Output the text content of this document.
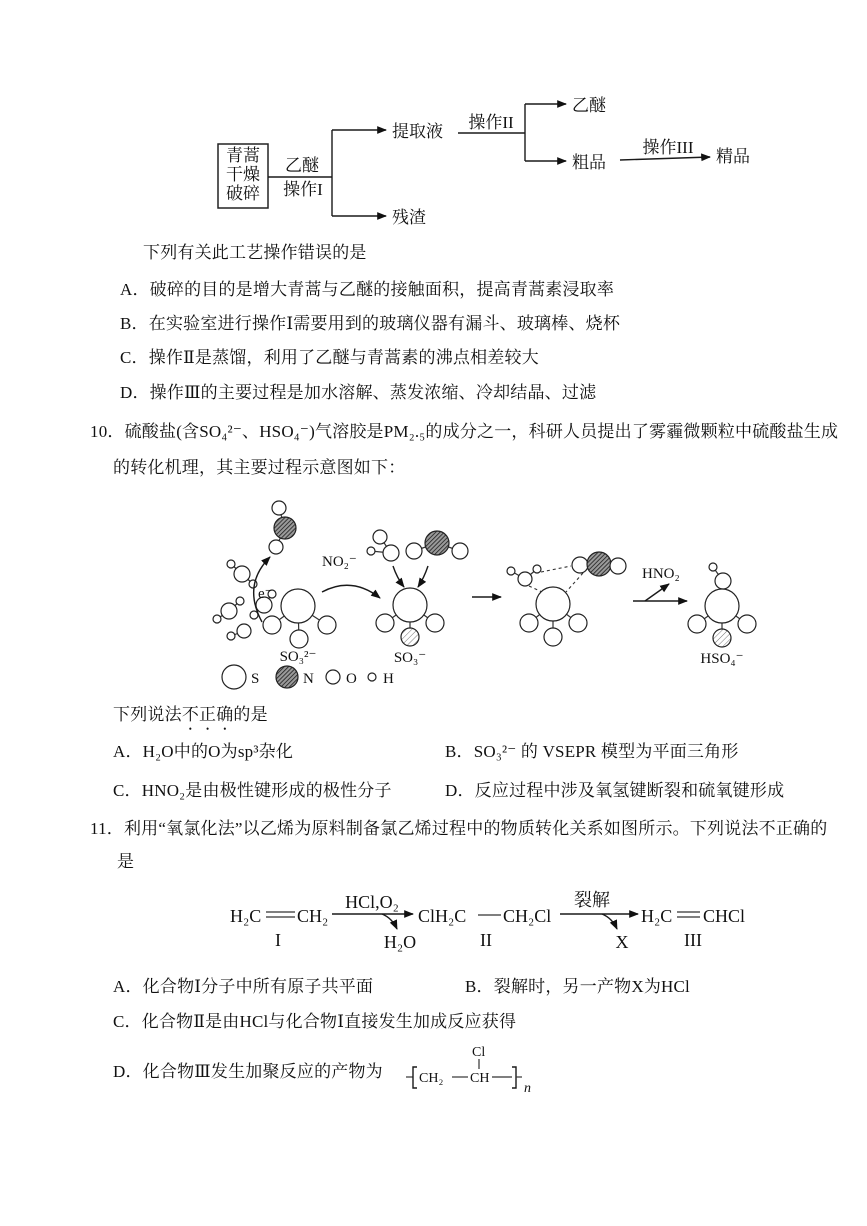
下列有关此工艺操作错误的是
A．破碎的目的是增大青蒿与乙醚的接触面积，提高青蒿素浸取率
B．在实验室进行操作Ⅰ需要用到的玻璃仪器有漏斗、玻璃棒、烧杯
C．操作Ⅱ是蒸馏，利用了乙醚与青蒿素的沸点相差较大
D．操作Ⅲ的主要过程是加水溶解、蒸发浓缩、冷却结晶、过滤
10．硫酸盐(含SO₄²⁻、HSO₄⁻)气溶胶是PM₂.₅的成分之一，科研人员提出了雾霾微颗粒中硫酸盐生成
的转化机理，其主要过程示意图如下：
下列说法不正确的是
A．H₂O中的O为sp³杂化	B．SO₃²⁻ 的 VSEPR 模型为平面三角形
C．HNO₂是由极性键形成的极性分子	D．反应过程中涉及氧氢键断裂和硫氧键形成
11．利用“氧氯化法”以乙烯为原料制备氯乙烯过程中的物质转化关系如图所示。下列说法不正确的
是
A．化合物Ⅰ分子中所有原子共平面	B．裂解时，另一产物X为HCl
C．化合物Ⅱ是由HCl与化合物Ⅰ直接发生加成反应获得
D．化合物Ⅲ发生加聚反应的产物为
青蒿
干燥
破碎
乙醚
操作I
提取液
残渣
操作II
乙醚
粗品
操作III 精品
e⁻
SO₃²⁻
NO₂⁻
SO₃⁻
HNO₂
HSO₄⁻
S	N O H
H₂C CH₂
I
HCl,O₂
H₂O
ClH₂C CH₂Cl
II
裂解
X
H₂C CHCl
III
CH₂ CH
Cl
n
